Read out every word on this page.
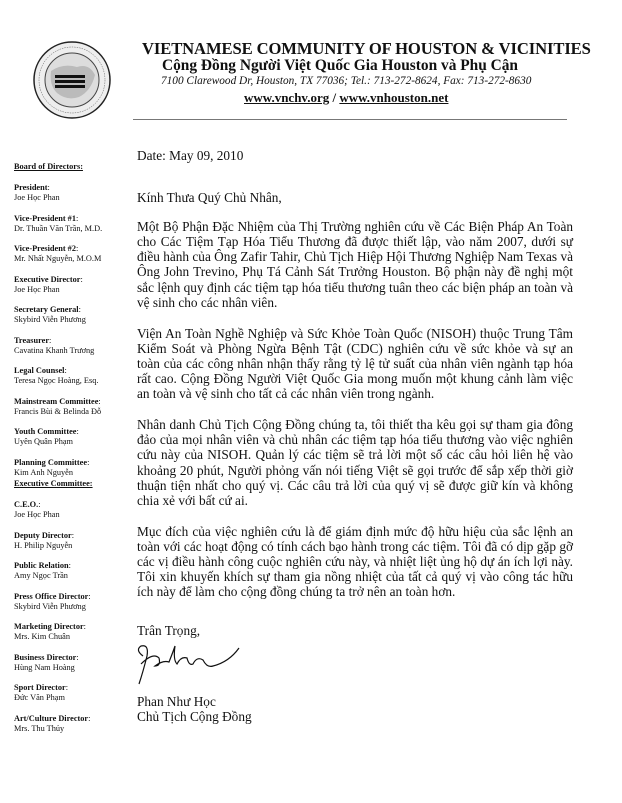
VIETNAMESE COMMUNITY OF HOUSTON & VICINITIES
Cộng Đồng Người Việt Quốc Gia Houston và Phụ Cận
7100 Clarewood Dr, Houston, TX 77036; Tel.: 713-272-8624, Fax: 713-272-8630
www.vnchv.org / www.vnhouston.net
Board of Directors:
President:
Joe Học Phan
Vice-President #1:
Dr. Thuần Văn Trần, M.D.
Vice-President #2:
Mr. Nhất Nguyễn, M.O.M
Executive Director:
Joe Học Phan
Secretary General:
Skybird Viễn Phương
Treasurer:
Cavatina Khanh Trương
Legal Counsel:
Teresa Ngọc Hoàng, Esq.
Mainstream Committee:
Francis Bùi & Belinda Đỗ
Youth Committee:
Uyên Quân Phạm
Planning Committee:
Kim Anh Nguyễn
Executive Committee:
C.E.O.:
Joe Học Phan
Deputy Director:
H. Philip Nguyễn
Public Relation:
Amy Ngọc Trần
Press Office Director:
Skybird Viễn Phương
Marketing Director:
Mrs. Kim Chuân
Business Director:
Hùng Nam Hoàng
Sport Director:
Đức Văn Phạm
Art/Culture Director:
Mrs. Thu Thủy

Date: May 09, 2010

Kính Thưa Quý Chủ Nhân,

Một Bộ Phận Đặc Nhiệm của Thị Trường nghiên cứu về Các Biện Pháp An Toàn cho Các Tiệm Tạp Hóa Tiểu Thương đã được thiết lập, vào năm 2007, dưới sự điều hành của Ông Zafir Tahir, Chủ Tịch Hiệp Hội Thương Nghiệp Nam Texas và Ông John Trevino, Phụ Tá Cảnh Sát Trưởng Houston. Bộ phận này đề nghị một sắc lệnh quy định các tiệm tạp hóa tiểu thương tuân theo các biện pháp an toàn và vệ sinh cho các nhân viên.

Viện An Toàn Nghề Nghiệp và Sức Khỏe Toàn Quốc (NISOH) thuộc Trung Tâm Kiểm Soát và Phòng Ngừa Bệnh Tật (CDC) nghiên cứu về sức khỏe và sự an toàn của các công nhân nhận thấy rằng tỷ lệ tử suất của nhân viên ngành tạp hóa rất cao. Cộng Đồng Người Việt Quốc Gia mong muốn một khung cảnh làm việc an toàn và vệ sinh cho tất cả các nhân viên trong ngành.

Nhân danh Chủ Tịch Cộng Đồng chúng ta, tôi thiết tha kêu gọi sự tham gia đông đảo của mọi nhân viên và chủ nhân các tiệm tạp hóa tiểu thương vào việc nghiên cứu này của NISOH. Quản lý các tiệm sẽ trả lời một số các câu hỏi liên hệ vào khoảng 20 phút, Người phỏng vấn nói tiếng Việt sẽ gọi trước để sắp xếp thời giờ thuận tiện nhất cho quý vị. Các câu trả lời của quý vị sẽ được giữ kín và không chia xẻ với bất cứ ai.

Mục đích của việc nghiên cứu là để giám định mức độ hữu hiệu của sắc lệnh an toàn với các hoạt động có tính cách bạo hành trong các tiệm. Tôi đã có dịp gặp gỡ các vị điều hành công cuộc nghiên cứu này, và nhiệt liệt ủng hộ dự án ích lợi này. Tôi xin khuyến khích sự tham gia nồng nhiệt của tất cả quý vị vào công tác hữu ích này để làm cho cộng đồng chúng ta trở nên an toàn hơn.

Trân Trọng,

Phan Như Học

Chủ Tịch Cộng Đồng
